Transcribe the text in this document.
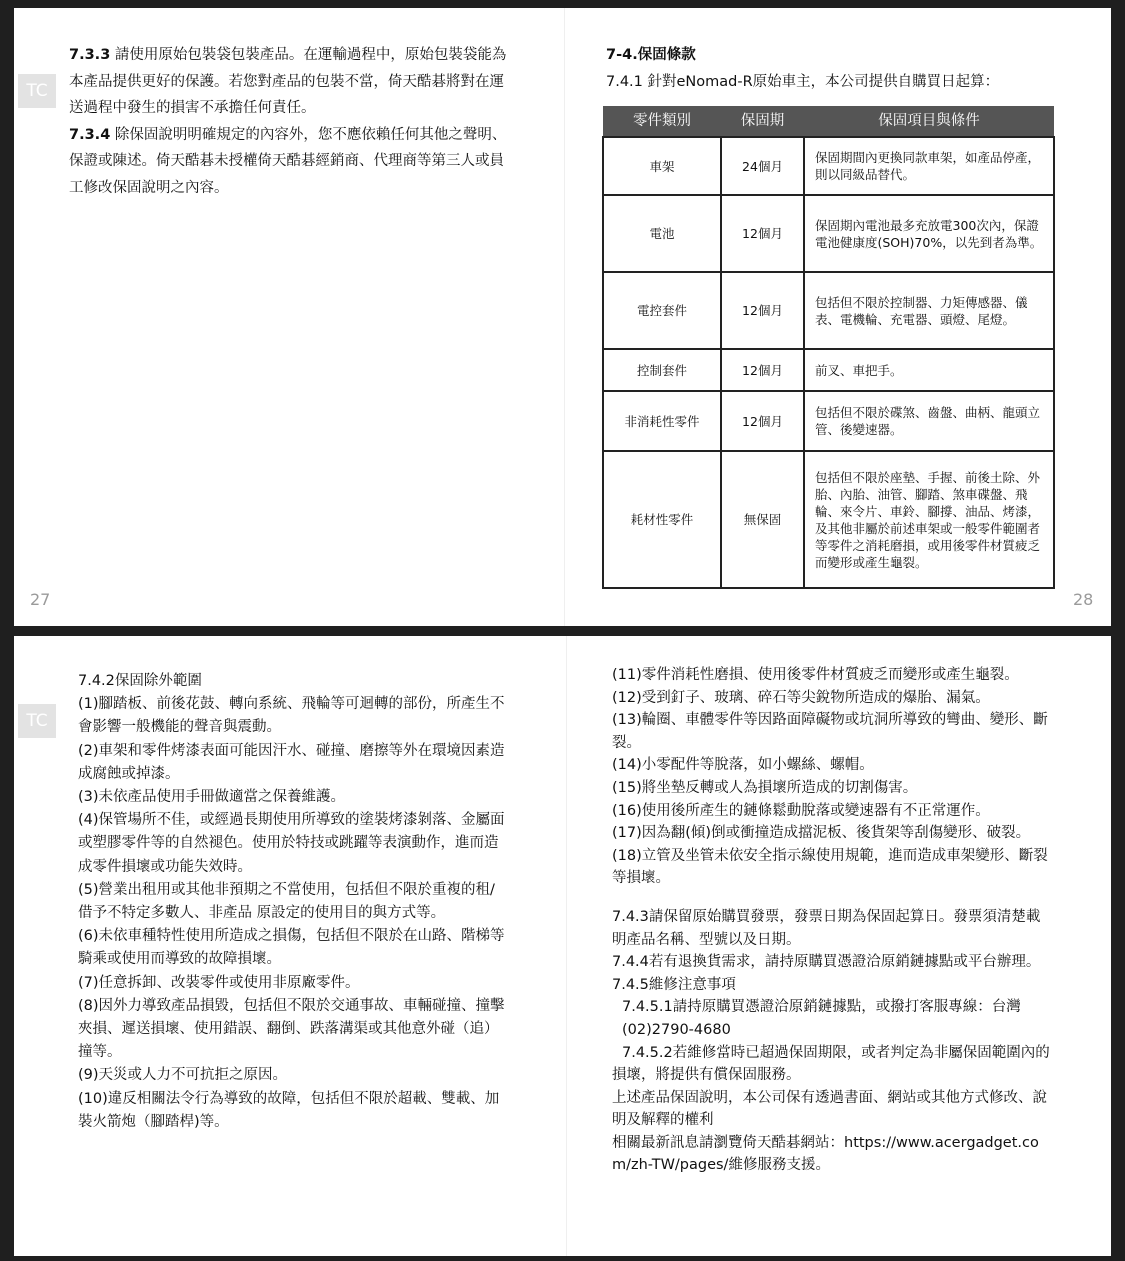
TC

7.3.3 請使用原始包裝袋包裝產品。在運輸過程中，原始包裝袋能為本產品提供更好的保護。若您對產品的包裝不當，倚天酷碁將對在運送過程中發生的損害不承擔任何責任。

7.3.4 除保固說明明確規定的內容外，您不應依賴任何其他之聲明、保證或陳述。倚天酷碁未授權倚天酷碁經銷商、代理商等第三人或員工修改保固說明之內容。

27

7-4.保固條款

7.4.1 針對eNomad-R原始車主，本公司提供自購買日起算：

零件類別	保固期	保固項目與條件
車架	24個月	保固期間內更換同款車架，如產品停產，則以同級品替代。
電池	12個月	保固期內電池最多充放電300次內，保證電池健康度(SOH)70%，以先到者為準。
電控套件	12個月	包括但不限於控制器、力矩傳感器、儀表、電機輪、充電器、頭燈、尾燈。
控制套件	12個月	前叉、車把手。
非消耗性零件	12個月	包括但不限於碟煞、齒盤、曲柄、龍頭立管、後變速器。
耗材性零件	無保固	包括但不限於座墊、手握、前後土除、外胎、內胎、油管、腳踏、煞車碟盤、飛輪、來令片、車鈴、腳撐、油品、烤漆，及其他非屬於前述車架或一般零件範圍者等零件之消耗磨損，或用後零件材質疲乏而變形或產生龜裂。
28
TC

7.4.2保固除外範圍

(1)腳踏板、前後花鼓、轉向系統、飛輪等可迴轉的部份，所產生不會影響一般機能的聲音與震動。

(2)車架和零件烤漆表面可能因汗水、碰撞、磨擦等外在環境因素造成腐蝕或掉漆。

(3)未依產品使用手冊做適當之保養維護。

(4)保管場所不佳，或經過長期使用所導致的塗裝烤漆剝落、金屬面或塑膠零件等的自然褪色。使用於特技或跳躍等表演動作，進而造成零件損壞或功能失效時。

(5)營業出租用或其他非預期之不當使用，包括但不限於重複的租/借予不特定多數人、非產品 原設定的使用目的與方式等。

(6)未依車種特性使用所造成之損傷，包括但不限於在山路、階梯等騎乘或使用而導致的故障損壞。

(7)任意拆卸、改裝零件或使用非原廠零件。

(8)因外力導致產品損毀，包括但不限於交通事故、車輛碰撞、撞擊夾損、遲送損壞、使用錯誤、翻倒、跌落溝渠或其他意外碰（追）撞等。

(9)天災或人力不可抗拒之原因。

(10)違反相關法令行為導致的故障，包括但不限於超載、雙載、加裝火箭炮（腳踏桿)等。

(11)零件消耗性磨損、使用後零件材質疲乏而變形或產生龜裂。

(12)受到釘子、玻璃、碎石等尖銳物所造成的爆胎、漏氣。

(13)輪圈、車體零件等因路面障礙物或坑洞所導致的彎曲、變形、斷裂。

(14)小零配件等脫落，如小螺絲、螺帽。

(15)將坐墊反轉或人為損壞所造成的切割傷害。

(16)使用後所產生的鏈條鬆動脫落或變速器有不正常運作。

(17)因為翻(傾)倒或衝撞造成擋泥板、後貨架等刮傷變形、破裂。

(18)立管及坐管未依安全指示線使用規範，進而造成車架變形、斷裂等損壞。

7.4.3請保留原始購買發票，發票日期為保固起算日。發票須清楚載明產品名稱、型號以及日期。

7.4.4若有退換貨需求，請持原購買憑證洽原銷鏈據點或平台辦理。

7.4.5維修注意事項

7.4.5.1請持原購買憑證洽原銷鏈據點，或撥打客服專線：台灣(02)2790-4680

7.4.5.2若維修當時已超過保固期限，或者判定為非屬保固範圍內的損壞，將提供有償保固服務。

上述產品保固說明，本公司保有透過書面、網站或其他方式修改、說明及解釋的權利

相關最新訊息請瀏覽倚天酷碁網站：https://www.acergadget.com/zh-TW/pages/維修服務支援。
